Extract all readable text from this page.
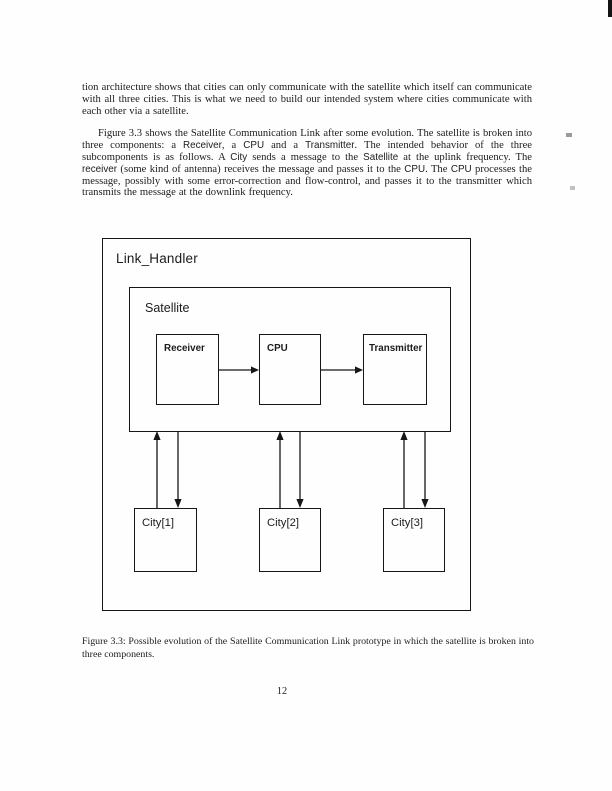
tion architecture shows that cities can only communicate with the satellite which itself can communicate with all three cities. This is what we need to build our intended system where cities communicate with each other via a satellite.

Figure 3.3 shows the Satellite Communication Link after some evolution. The satellite is broken into three components: a Receiver, a CPU and a Transmitter. The intended behavior of the three subcomponents is as follows. A City sends a message to the Satellite at the uplink frequency. The receiver (some kind of antenna) receives the message and passes it to the CPU. The CPU processes the message, possibly with some error-correction and flow-control, and passes it to the transmitter which transmits the message at the downlink frequency.

Link_Handler
Satellite
Receiver	CPU	Transmitter
City[1]	City[2]	City[3]
Figure 3.3: Possible evolution of the Satellite Communication Link prototype in which the satellite is broken into three components.
12
